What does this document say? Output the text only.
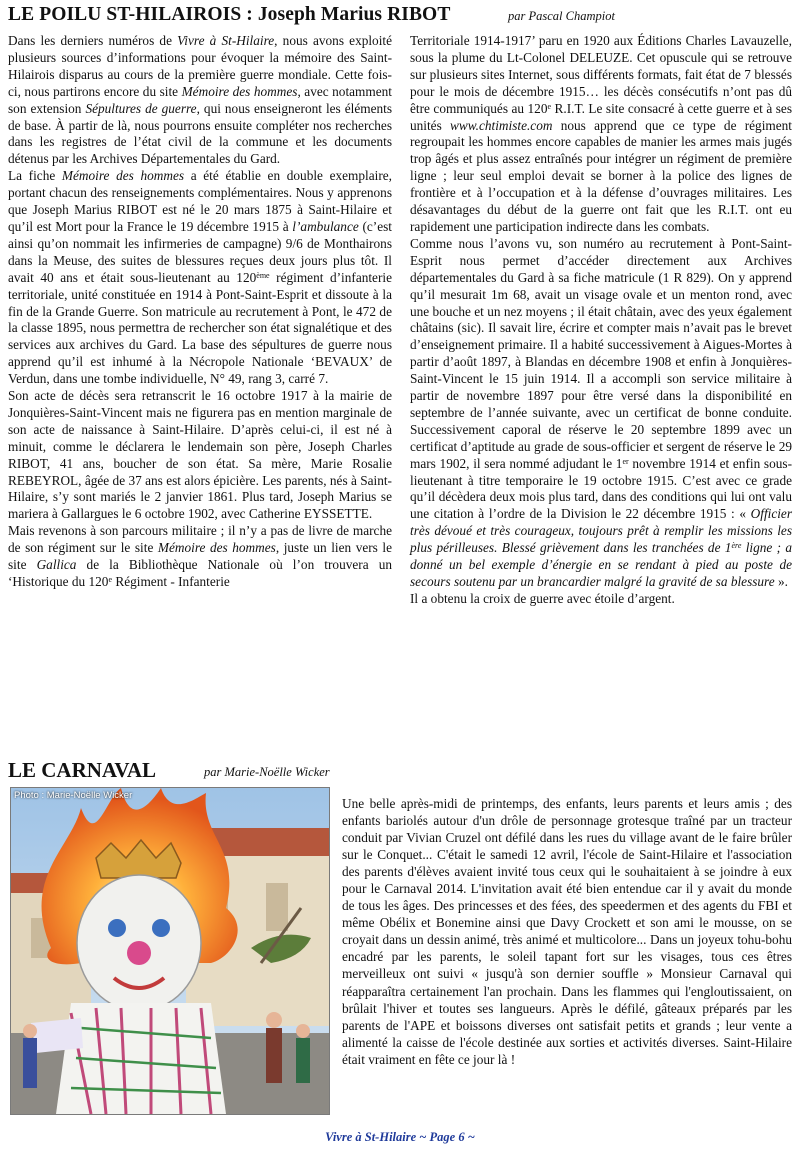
LE POILU ST-HILAIROIS : Joseph Marius RIBOT	par Pascal Champiot

Dans les derniers numéros de Vivre à St-Hilaire, nous avons exploité plusieurs sources d’informations pour évoquer la mémoire des Saint-Hilairois disparus au cours de la première guerre mondiale. Cette fois-ci, nous partirons encore du site Mémoire des hommes, avec notamment son extension Sépultures de guerre, qui nous enseigneront les éléments de base. À partir de là, nous pourrons ensuite compléter nos recherches dans les registres de l’état civil de la commune et les documents détenus par les Archives Départementales du Gard.

La fiche Mémoire des hommes a été établie en double exemplaire, portant chacun des renseignements complémentaires. Nous y apprenons que Joseph Marius RIBOT est né le 20 mars 1875 à Saint-Hilaire et qu’il est Mort pour la France le 19 décembre 1915 à l’ambulance (c’est ainsi qu’on nommait les infirmeries de campagne) 9/6 de Monthairons dans la Meuse, des suites de blessures reçues deux jours plus tôt. Il avait 40 ans et était sous-lieutenant au 120ème régiment d’infanterie territoriale, unité constituée en 1914 à Pont-Saint-Esprit et dissoute à la fin de la Grande Guerre. Son matricule au recrutement à Pont, le 472 de la classe 1895, nous permettra de rechercher son état signalétique et des services aux archives du Gard. La base des sépultures de guerre nous apprend qu’il est inhumé à la Nécropole Nationale ‘BEVAUX’ de Verdun, dans une tombe individuelle, N° 49, rang 3, carré 7.

Son acte de décès sera retranscrit le 16 octobre 1917 à la mairie de Jonquières-Saint-Vincent mais ne figurera pas en mention marginale de son acte de naissance à Saint-Hilaire. D’après celui-ci, il est né à minuit, comme le déclarera le lendemain son père, Joseph Charles RIBOT, 41 ans, boucher de son état. Sa mère, Marie Rosalie REBEYROL, âgée de 37 ans est alors épicière. Les parents, nés à Saint-Hilaire, s’y sont mariés le 2 janvier 1861. Plus tard, Joseph Marius se mariera à Gallargues le 6 octobre 1902, avec Catherine EYSSETTE.

Mais revenons à son parcours militaire ; il n’y a pas de livre de marche de son régiment sur le site Mémoire des hommes, juste un lien vers le site Gallica de la Bibliothèque Nationale où l’on trouvera un ‘Historique du 120e Régiment - Infanterie

Territoriale 1914-1917’ paru en 1920 aux Éditions Charles Lavauzelle, sous la plume du Lt-Colonel DELEUZE. Cet opuscule qui se retrouve sur plusieurs sites Internet, sous différents formats, fait état de 7 blessés pour le mois de décembre 1915… les décès consécutifs n’ont pas dû être communiqués au 120e R.I.T. Le site consacré à cette guerre et à ses unités www.chtimiste.com nous apprend que ce type de régiment regroupait les hommes encore capables de manier les armes mais jugés trop âgés et plus assez entraînés pour intégrer un régiment de première ligne ; leur seul emploi devait se borner à la police des lignes de frontière et à l’occupation et à la défense d’ouvrages militaires. Les désavantages du début de la guerre ont fait que les R.I.T. ont eu rapidement une participation indirecte dans les combats.

Comme nous l’avons vu, son numéro au recrutement à Pont-Saint-Esprit nous permet d’accéder directement aux Archives départementales du Gard à sa fiche matricule (1 R 829). On y apprend qu’il mesurait 1m 68, avait un visage ovale et un menton rond, avec une bouche et un nez moyens ; il était châtain, avec des yeux également châtains (sic). Il savait lire, écrire et compter mais n’avait pas le brevet d’enseignement primaire. Il a habité successivement à Aigues-Mortes à partir d’août 1897, à Blandas en décembre 1908 et enfin à Jonquières-Saint-Vincent le 15 juin 1914. Il a accompli son service militaire à partir de novembre 1897 pour être versé dans la disponibilité en septembre de l’année suivante, avec un certificat de bonne conduite. Successivement caporal de réserve le 20 septembre 1899 avec un certificat d’aptitude au grade de sous-officier et sergent de réserve le 29 mars 1902, il sera nommé adjudant le 1er novembre 1914 et enfin sous-lieutenant à titre temporaire le 19 octobre 1915. C’est avec ce grade qu’il décèdera deux mois plus tard, dans des conditions qui lui ont valu une citation à l’ordre de la Division le 22 décembre 1915 : « Officier très dévoué et très courageux, toujours prêt à remplir les missions les plus périlleuses. Blessé grièvement dans les tranchées de 1ère ligne ; a donné un bel exemple d’énergie en se rendant à pied au poste de secours soutenu par un brancardier malgré la gravité de sa blessure ».

Il a obtenu la croix de guerre avec étoile d’argent.

LE CARNAVAL	par Marie-Noëlle Wicker
Photo : Marie-Noëlle Wicker

Une belle après-midi de printemps, des enfants, leurs parents et leurs amis ; des enfants bariolés autour d'un drôle de personnage grotesque traîné par un tracteur conduit par Vivian Cruzel ont défilé dans les rues du village avant de le faire brûler sur le Conquet... C'était le samedi 12 avril, l'école de Saint-Hilaire et l'association des parents d'élèves avaient invité tous ceux qui le souhaitaient à se joindre à eux pour le Carnaval 2014. L'invitation avait été bien entendue car il y avait du monde de tous les âges. Des princesses et des fées, des speedermen et des agents du FBI et même Obélix et Bonemine ainsi que Davy Crockett et son ami le mousse, on se croyait dans un dessin animé, très animé et multicolore... Dans un joyeux tohu-bohu encadré par les parents, le soleil tapant fort sur les visages, tous ces êtres merveilleux ont suivi « jusqu'à son dernier souffle » Monsieur Carnaval qui réapparaîtra certainement l'an prochain. Dans les flammes qui l'engloutissaient, on brûlait l'hiver et toutes ses langueurs. Après le défilé, gâteaux préparés par les parents de l'APE et boissons diverses ont satisfait petits et grands ; leur vente a alimenté la caisse de l'école destinée aux sorties et activités diverses. Saint-Hilaire était vraiment en fête ce jour là !

Vivre à St-Hilaire ~ Page 6 ~
